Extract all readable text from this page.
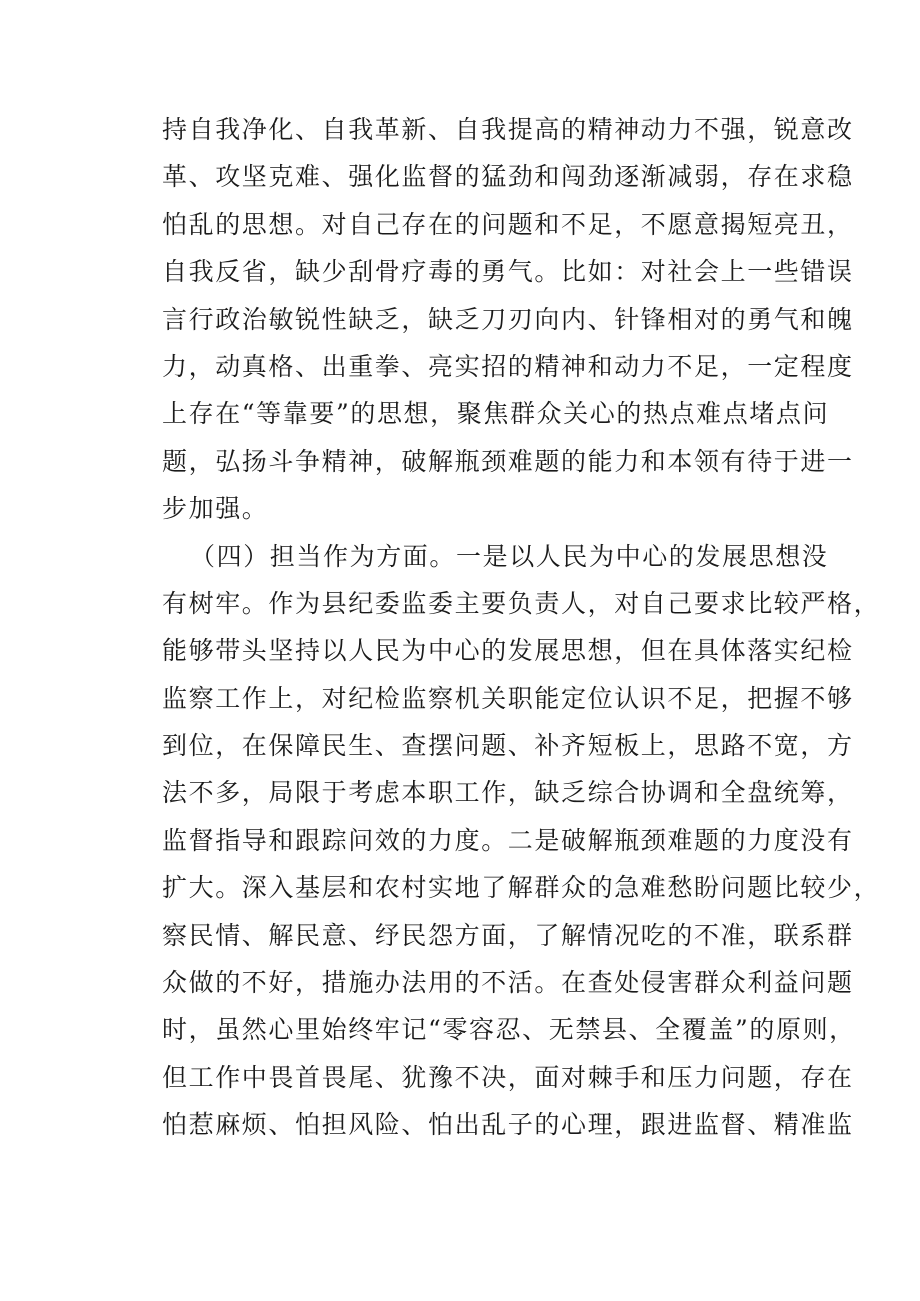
持自我净化、自我革新、自我提高的精神动力不强，锐意改
革、攻坚克难、强化监督的猛劲和闯劲逐渐减弱，存在求稳
怕乱的思想。对自己存在的问题和不足，不愿意揭短亮丑，
自我反省，缺少刮骨疗毒的勇气。比如：对社会上一些错误
言行政治敏锐性缺乏，缺乏刀刃向内、针锋相对的勇气和魄
力，动真格、出重拳、亮实招的精神和动力不足，一定程度
上存在“等靠要”的思想，聚焦群众关心的热点难点堵点问
题，弘扬斗争精神，破解瓶颈难题的能力和本领有待于进一
步加强。
（四）担当作为方面。一是以人民为中心的发展思想没
有树牢。作为县纪委监委主要负责人，对自己要求比较严格，
能够带头坚持以人民为中心的发展思想，但在具体落实纪检
监察工作上，对纪检监察机关职能定位认识不足，把握不够
到位，在保障民生、查摆问题、补齐短板上，思路不宽，方
法不多，局限于考虑本职工作，缺乏综合协调和全盘统筹，
监督指导和跟踪问效的力度。二是破解瓶颈难题的力度没有
扩大。深入基层和农村实地了解群众的急难愁盼问题比较少，
察民情、解民意、纾民怨方面，了解情况吃的不准，联系群
众做的不好，措施办法用的不活。在查处侵害群众利益问题
时，虽然心里始终牢记“零容忍、无禁县、全覆盖”的原则，
但工作中畏首畏尾、犹豫不决，面对棘手和压力问题，存在
怕惹麻烦、怕担风险、怕出乱子的心理，跟进监督、精准监
